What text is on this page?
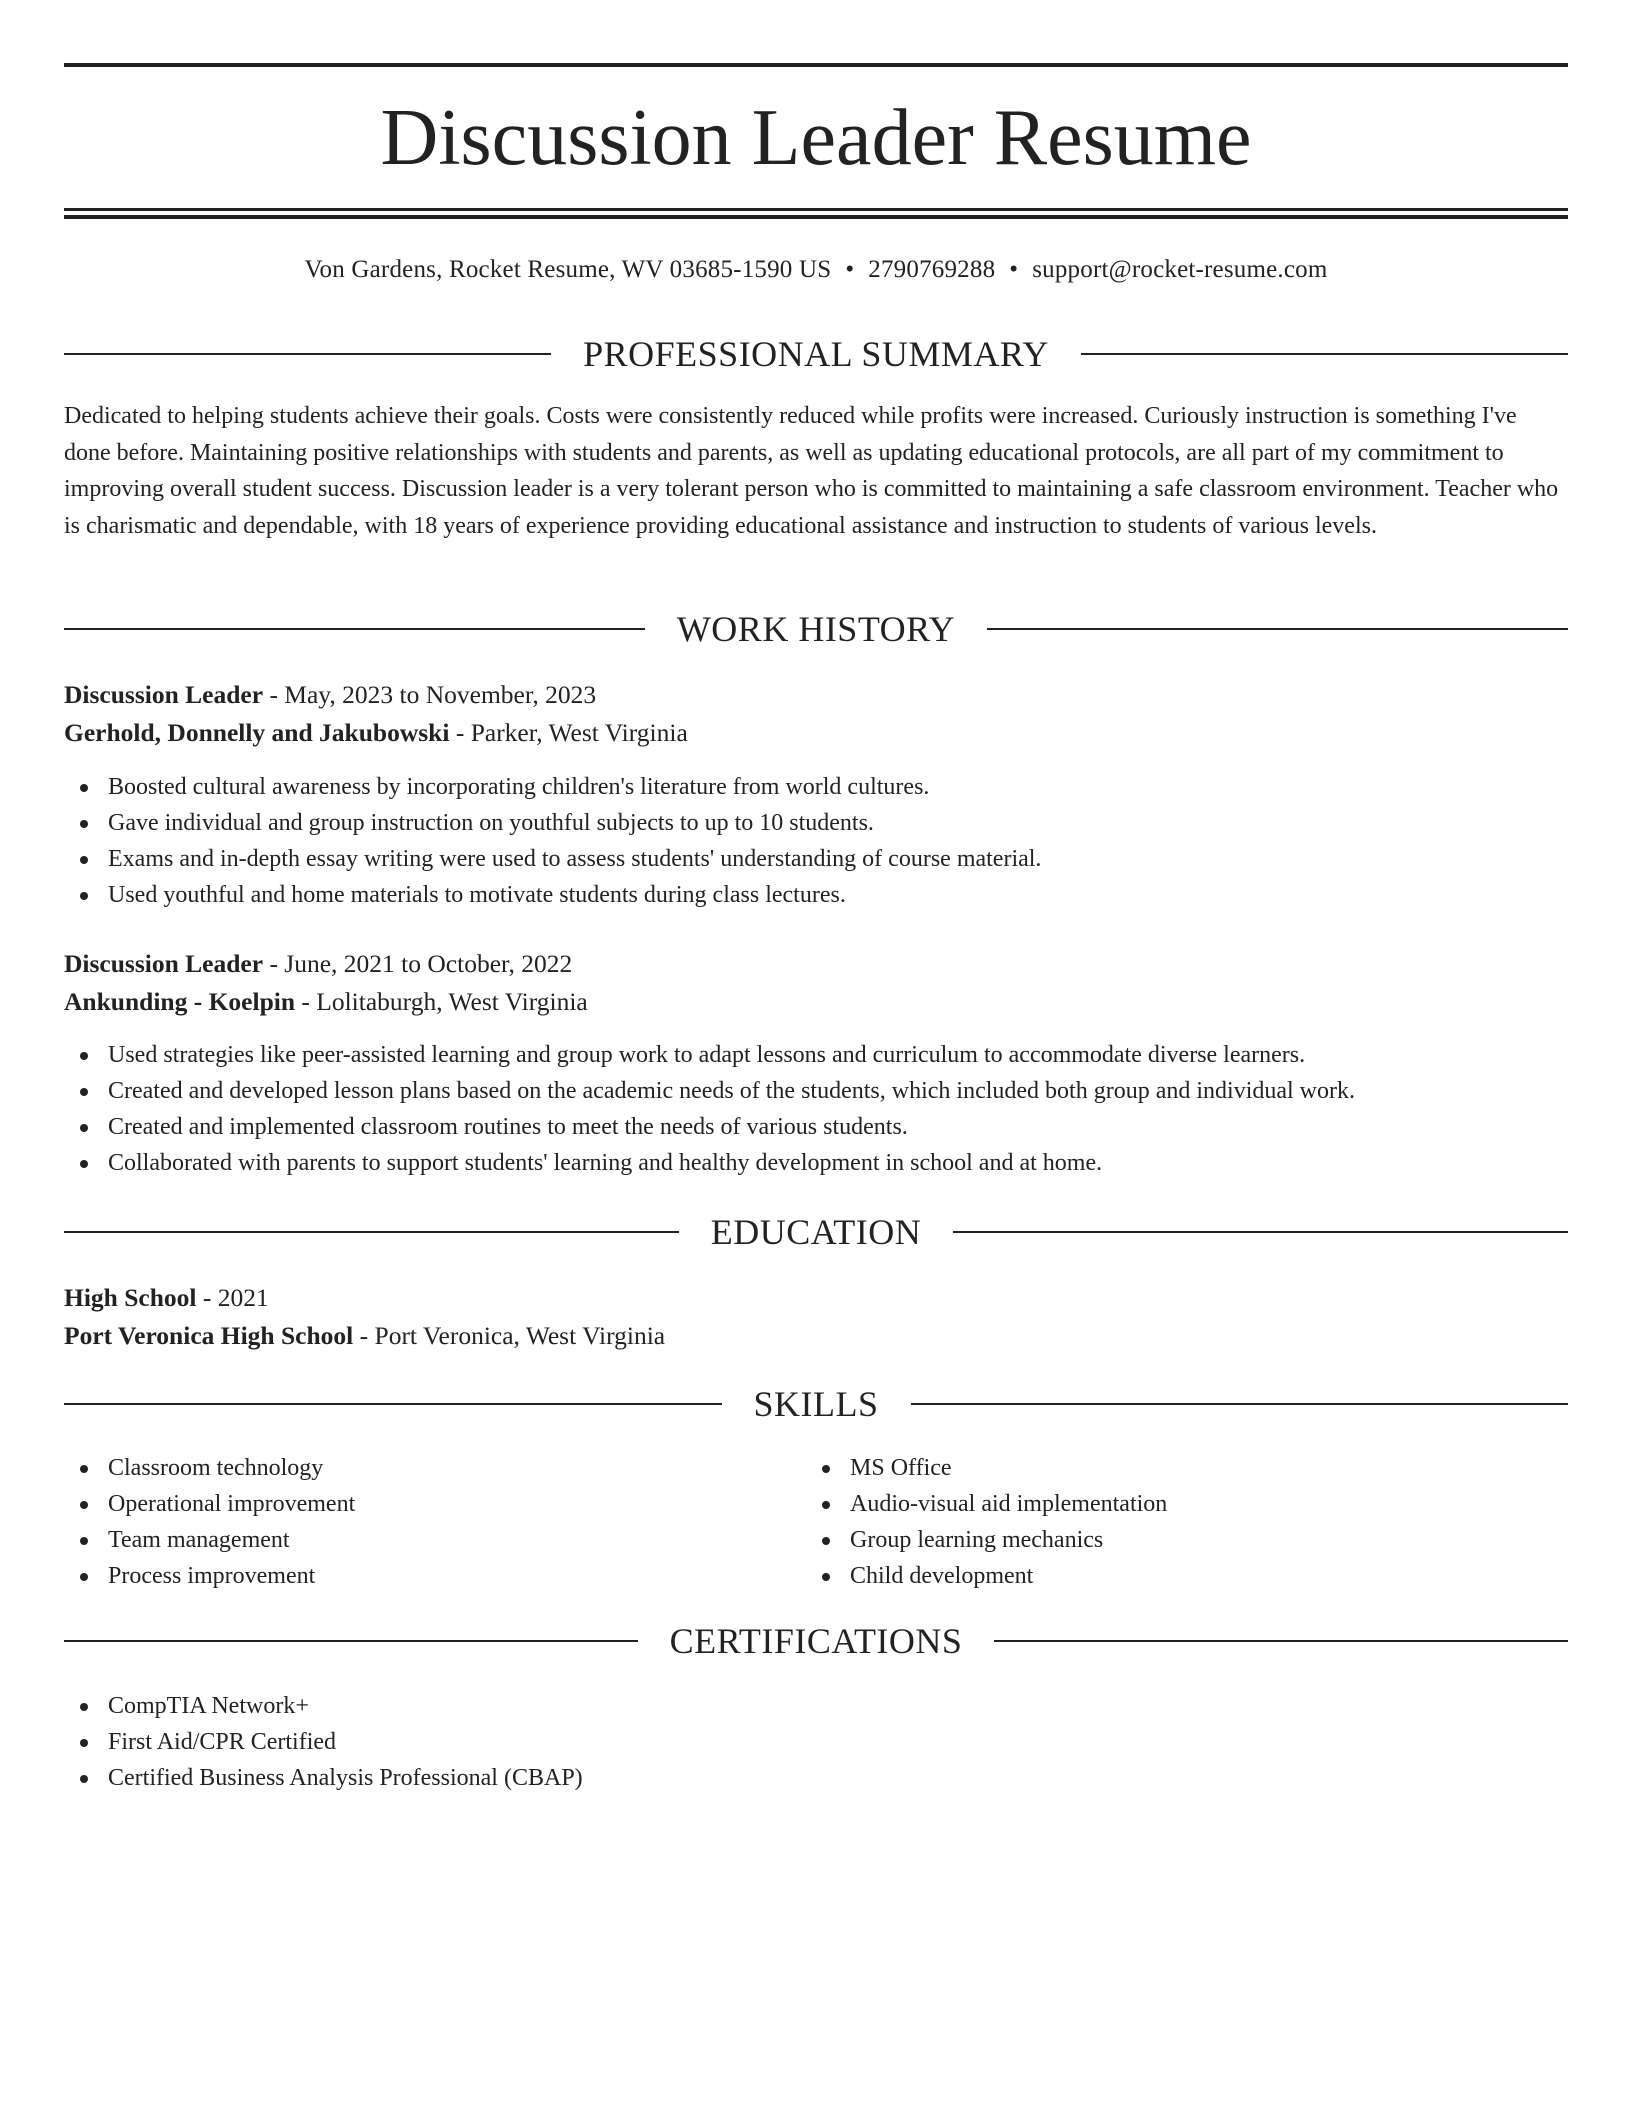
Discussion Leader Resume
Von Gardens, Rocket Resume, WV 03685-1590 US • 2790769288 • support@rocket-resume.com
PROFESSIONAL SUMMARY

Dedicated to helping students achieve their goals. Costs were consistently reduced while profits were increased. Curiously instruction is something I've done before. Maintaining positive relationships with students and parents, as well as updating educational protocols, are all part of my commitment to improving overall student success. Discussion leader is a very tolerant person who is committed to maintaining a safe classroom environment. Teacher who is charismatic and dependable, with 18 years of experience providing educational assistance and instruction to students of various levels.

WORK HISTORY
Discussion Leader - May, 2023 to November, 2023
Gerhold, Donnelly and Jakubowski - Parker, West Virginia
Boosted cultural awareness by incorporating children's literature from world cultures.
Gave individual and group instruction on youthful subjects to up to 10 students.
Exams and in-depth essay writing were used to assess students' understanding of course material.
Used youthful and home materials to motivate students during class lectures.
Discussion Leader - June, 2021 to October, 2022
Ankunding - Koelpin - Lolitaburgh, West Virginia
Used strategies like peer-assisted learning and group work to adapt lessons and curriculum to accommodate diverse learners.
Created and developed lesson plans based on the academic needs of the students, which included both group and individual work.
Created and implemented classroom routines to meet the needs of various students.
Collaborated with parents to support students' learning and healthy development in school and at home.
EDUCATION
High School - 2021
Port Veronica High School - Port Veronica, West Virginia
SKILLS
Classroom technology
Operational improvement
Team management
Process improvement
MS Office
Audio-visual aid implementation
Group learning mechanics
Child development
CERTIFICATIONS
CompTIA Network+
First Aid/CPR Certified
Certified Business Analysis Professional (CBAP)
